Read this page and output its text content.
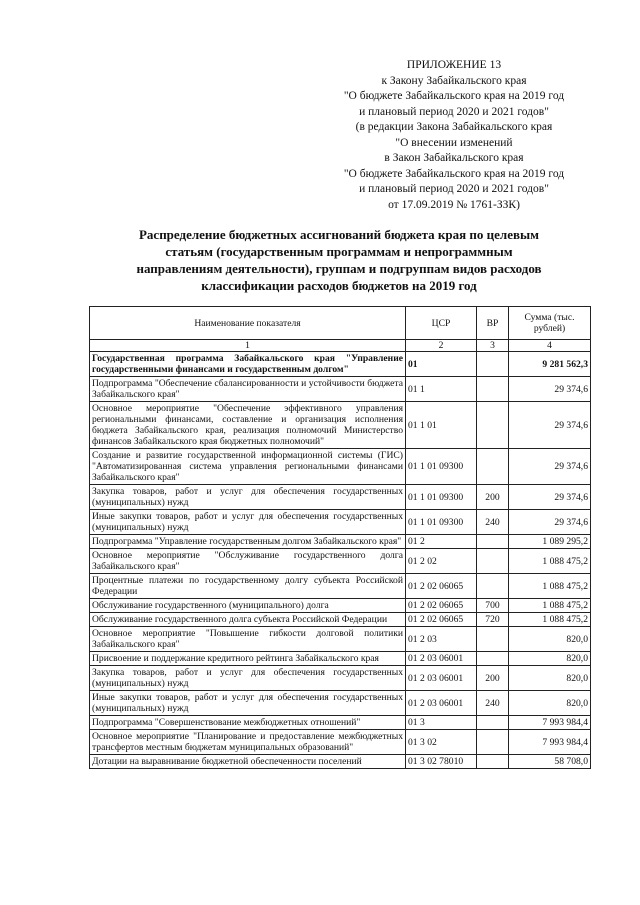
ПРИЛОЖЕНИЕ 13
к Закону Забайкальского края
"О бюджете Забайкальского края на 2019 год
и плановый период 2020 и 2021 годов"
(в редакции Закона Забайкальского края
"О внесении изменений
в Закон Забайкальского края
"О бюджете Забайкальского края на 2019 год
и плановый период 2020 и 2021 годов"
от 17.09.2019 № 1761-ЗЗК)
Распределение бюджетных ассигнований бюджета края по целевым
статьям (государственным программам и непрограммным
направлениям деятельности), группам и подгруппам видов расходов
классификации расходов бюджетов на 2019 год
Наименование показателя	ЦСР	ВР	Сумма (тыс. рублей)
1	2	3	4
Государственная программа Забайкальского края "Управление государственными финансами и государственным долгом"	01		9 281 562,3
Подпрограмма "Обеспечение сбалансированности и устойчивости бюджета Забайкальского края"	01 1		29 374,6
Основное мероприятие "Обеспечение эффективного управления региональными финансами, составление и организация исполнения бюджета Забайкальского края, реализация полномочий Министерство финансов Забайкальского края бюджетных полномочий"	01 1 01		29 374,6
Создание и развитие государственной информационной системы (ГИС) "Автоматизированная система управления региональными финансами Забайкальского края"	01 1 01 09300		29 374,6
Закупка товаров, работ и услуг для обеспечения государственных (муниципальных) нужд	01 1 01 09300	200	29 374,6
Иные закупки товаров, работ и услуг для обеспечения государственных (муниципальных) нужд	01 1 01 09300	240	29 374,6
Подпрограмма "Управление государственным долгом Забайкальского края"	01 2		1 089 295,2
Основное мероприятие "Обслуживание государственного долга Забайкальского края"	01 2 02		1 088 475,2
Процентные платежи по государственному долгу субъекта Российской Федерации	01 2 02 06065		1 088 475,2
Обслуживание государственного (муниципального) долга	01 2 02 06065	700	1 088 475,2
Обслуживание государственного долга субъекта Российской Федерации	01 2 02 06065	720	1 088 475,2
Основное мероприятие "Повышение гибкости долговой политики Забайкальского края"	01 2 03		820,0
Присвоение и поддержание кредитного рейтинга Забайкальского края	01 2 03 06001		820,0
Закупка товаров, работ и услуг для обеспечения государственных (муниципальных) нужд	01 2 03 06001	200	820,0
Иные закупки товаров, работ и услуг для обеспечения государственных (муниципальных) нужд	01 2 03 06001	240	820,0
Подпрограмма "Совершенствование межбюджетных отношений"	01 3		7 993 984,4
Основное мероприятие "Планирование и предоставление межбюджетных трансфертов местным бюджетам муниципальных образований"	01 3 02		7 993 984,4
Дотации на выравнивание бюджетной обеспеченности поселений	01 3 02 78010		58 708,0
